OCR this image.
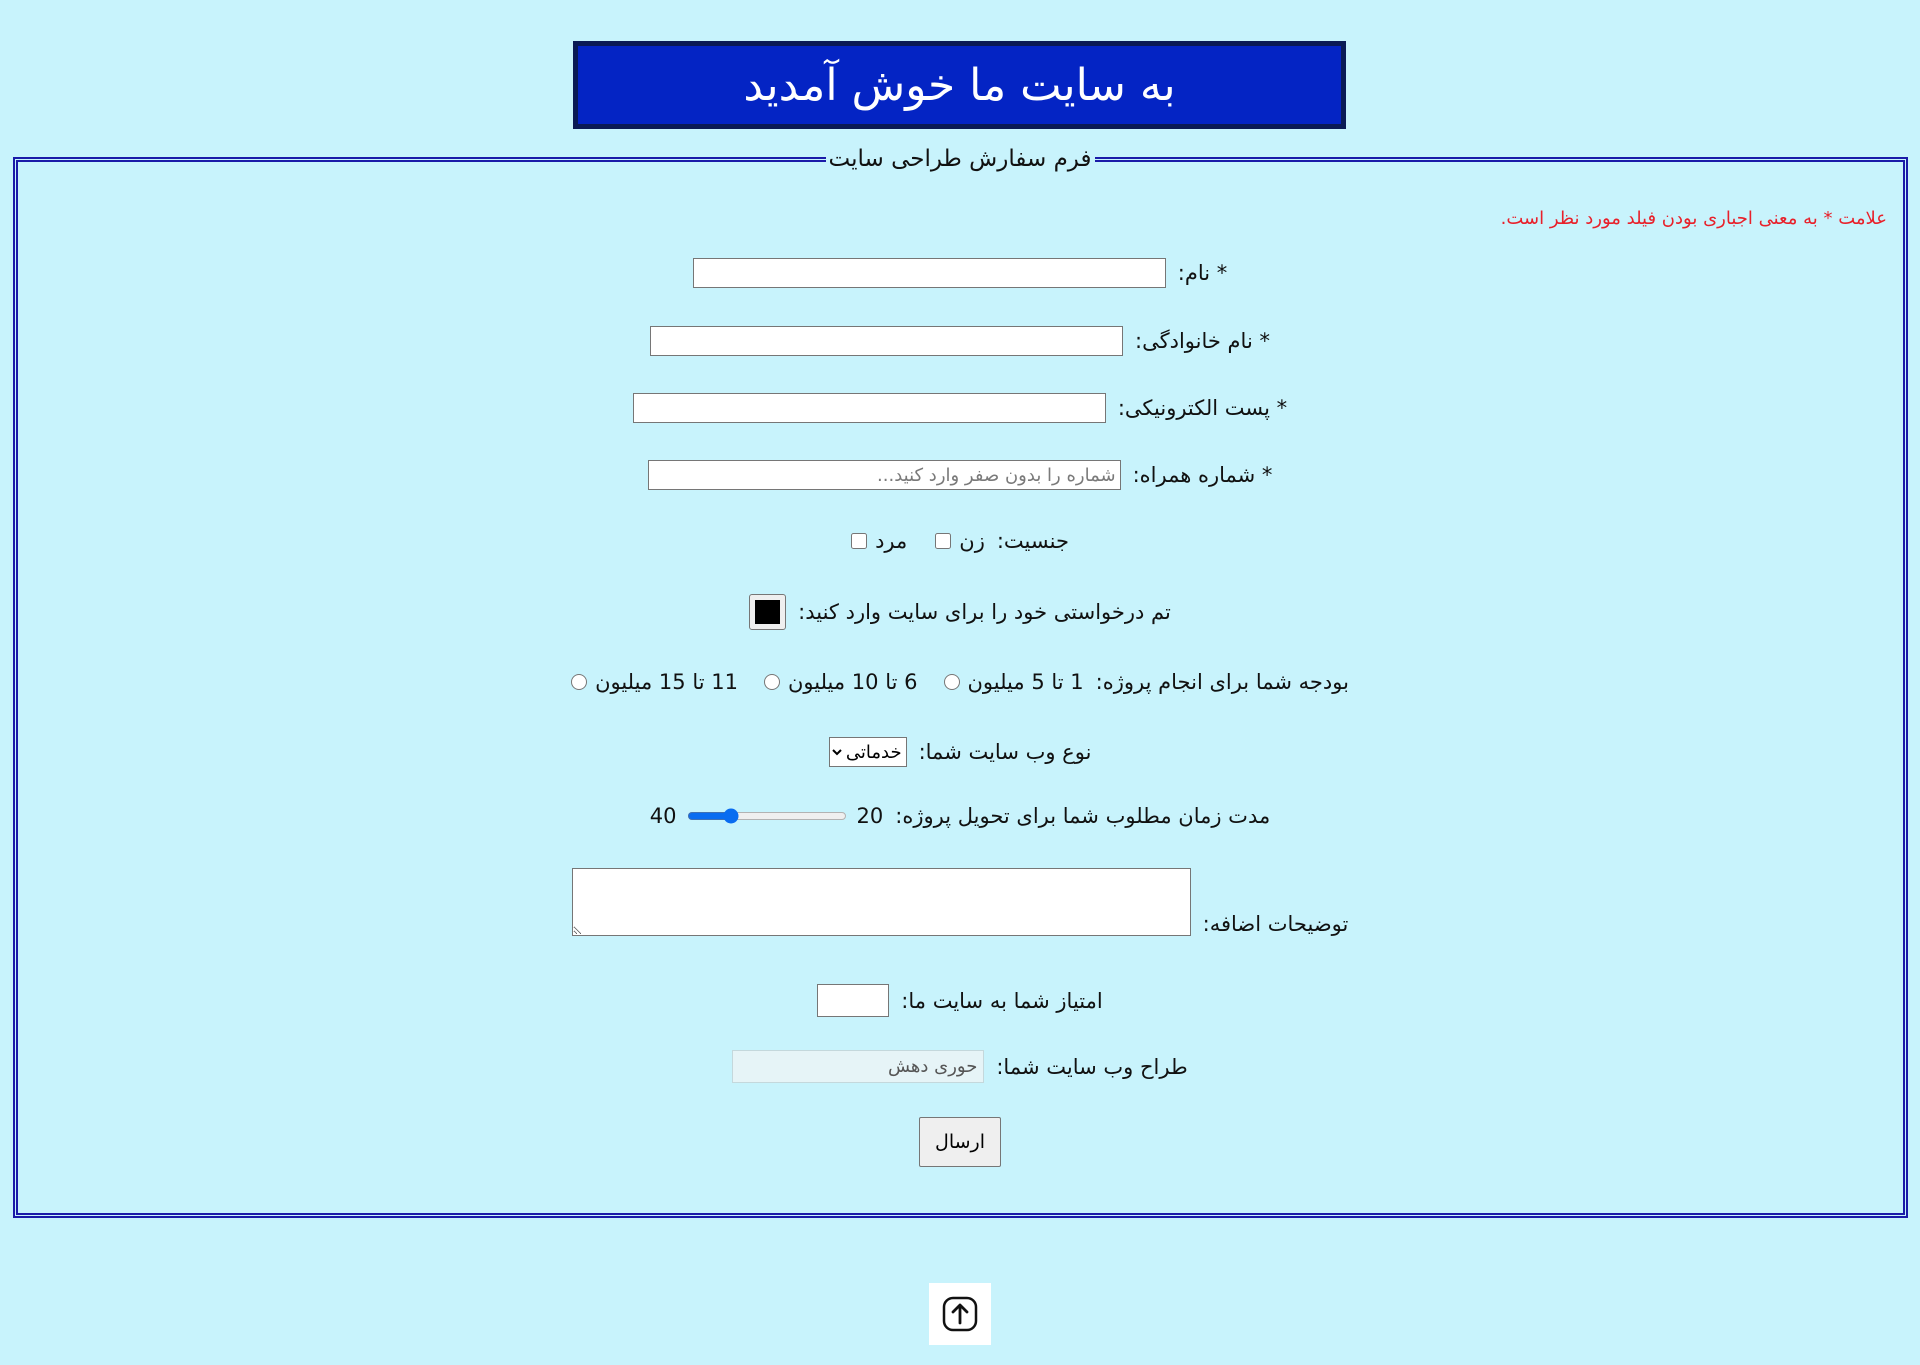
به سایت ما خوش آمدید
فرم سفارش طراحی سایت
علامت * به معنی اجباری بودن فیلد مورد نظر است.
* نام:
* نام خانوادگی:
* پست الکترونیکی:
* شماره همراه:
شماره را بدون صفر وارد کنید...
جنسیت:
زن
مرد
تم درخواستی خود را برای سایت وارد کنید:
بودجه شما برای انجام پروژه:
1 تا 5 میلیون
6 تا 10 میلیون
11 تا 15 میلیون
نوع وب سایت شما:
خدماتی
مدت زمان مطلوب شما برای تحویل پروژه:
40	20
توضیحات اضافه:
امتیاز شما به سایت ما:
طراح وب سایت شما:
حوری دهش
ارسال
